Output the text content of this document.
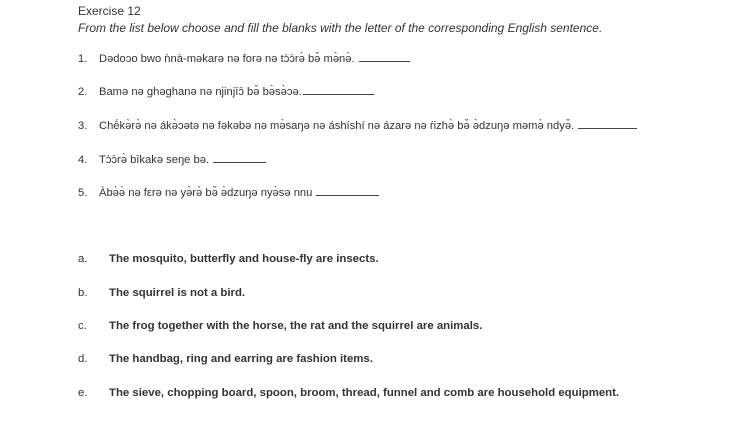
Exercise 12
From the list below choose and fill the blanks with the letter of the corresponding English sentence.
1. Dədoɔo bwo ǹnà-məkarə nə forə nə tɔ̀ɔ̀rə̀ bə̌ mə̀nə̀.
2. Bamə nə ghəghanə nə njinjīɔ̄ bə̌ bə̀sə̀ɔə.
3. Chḗkə̀rə̀ nə ákə̀ɔətə nə fəkəbə nə mə̀saŋə nə áshíshí nə ázarə nə ŕizhə̀ bə̌ ə̀dzuŋə məmə̀ ndyə̌.
4. Tɔ̀ɔ̀rə̀ bīkakə seŋe bə.
5. Àbə̀ə̀ nə fεrə nə yə̀rə̀ bə̌ ə̀dzuŋə nyə̀sə nnu
a. The mosquito, butterfly and house-fly are insects.
b. The squirrel is not a bird.
c. The frog together with the horse, the rat and the squirrel are animals.
d. The handbag, ring and earring are fashion items.
e. The sieve, chopping board, spoon, broom, thread, funnel and comb are household equipment.
